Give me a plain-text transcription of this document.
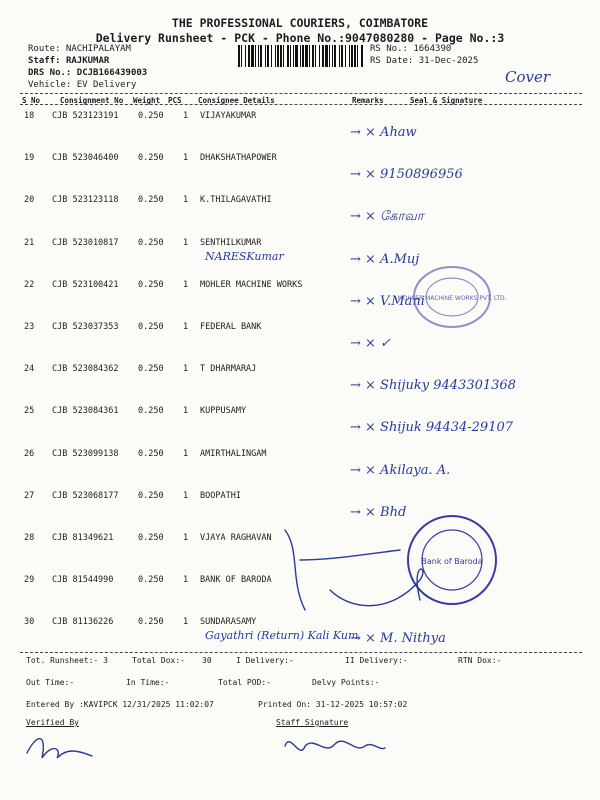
THE PROFESSIONAL COURIERS, COIMBATORE
Delivery Runsheet - PCK - Phone No.:9047080280 - Page No.:3
Route: NACHIPALAYAM
Staff: RAJKUMAR
DRS No.: DCJB166439003
Vehicle: EV Delivery
RS No.: 1664390
RS Date: 31-Dec-2025
Cover
S No	Consignment No Weight PCS Consignee Details	Remarks	Seal & Signature
18 CJB 523123191 0.250 1 VIJAYAKUMAR
→ × Ahaw
19 CJB 523046400 0.250 1 DHAKSHATHAPOWER
→ × 9150896956
20 CJB 523123118 0.250 1 K.THILAGAVATHI
→ × கோவா
21 CJB 523010817 0.250 1 SENTHILKUMAR
→ × A.Muj
NARESKumar
22 CJB 523100421 0.250 1 MOHLER MACHINE WORKS
→ × V.Mani
23 CJB 523037353 0.250 1 FEDERAL BANK
→ × ✓
24 CJB 523084362 0.250 1 T DHARMARAJ
→ × Shijuky 9443301368
25 CJB 523084361 0.250 1 KUPPUSAMY
→ × Shijuk 94434-29107
26 CJB 523099138 0.250 1 AMIRTHALINGAM
→ × Akilaya. A.
27 CJB 523068177 0.250 1 BOOPATHI
→ × Bhd
28 CJB 81349621	0.250 1 VJAYA RAGHAVAN
29 CJB 81544990	0.250 1 BANK OF BARODA
30 CJB 81136226	0.250 1 SUNDARASAMY
→ × M. Nithya
Gayathri (Return) Kali Kum
MOHLER MACHINE WORKS PVT. LTD.
Bank of Baroda
Tot. Runsheet:- 3	Total Dox:- 30	I Delivery:-	II Delivery:-	RTN Dox:-
Out Time:-	In Time:-	Total POD:-	Delvy Points:-
Entered By :KAVIPCK 12/31/2025 11:02:07	Printed On: 31-12-2025 10:57:02
Verified By	Staff Signature
